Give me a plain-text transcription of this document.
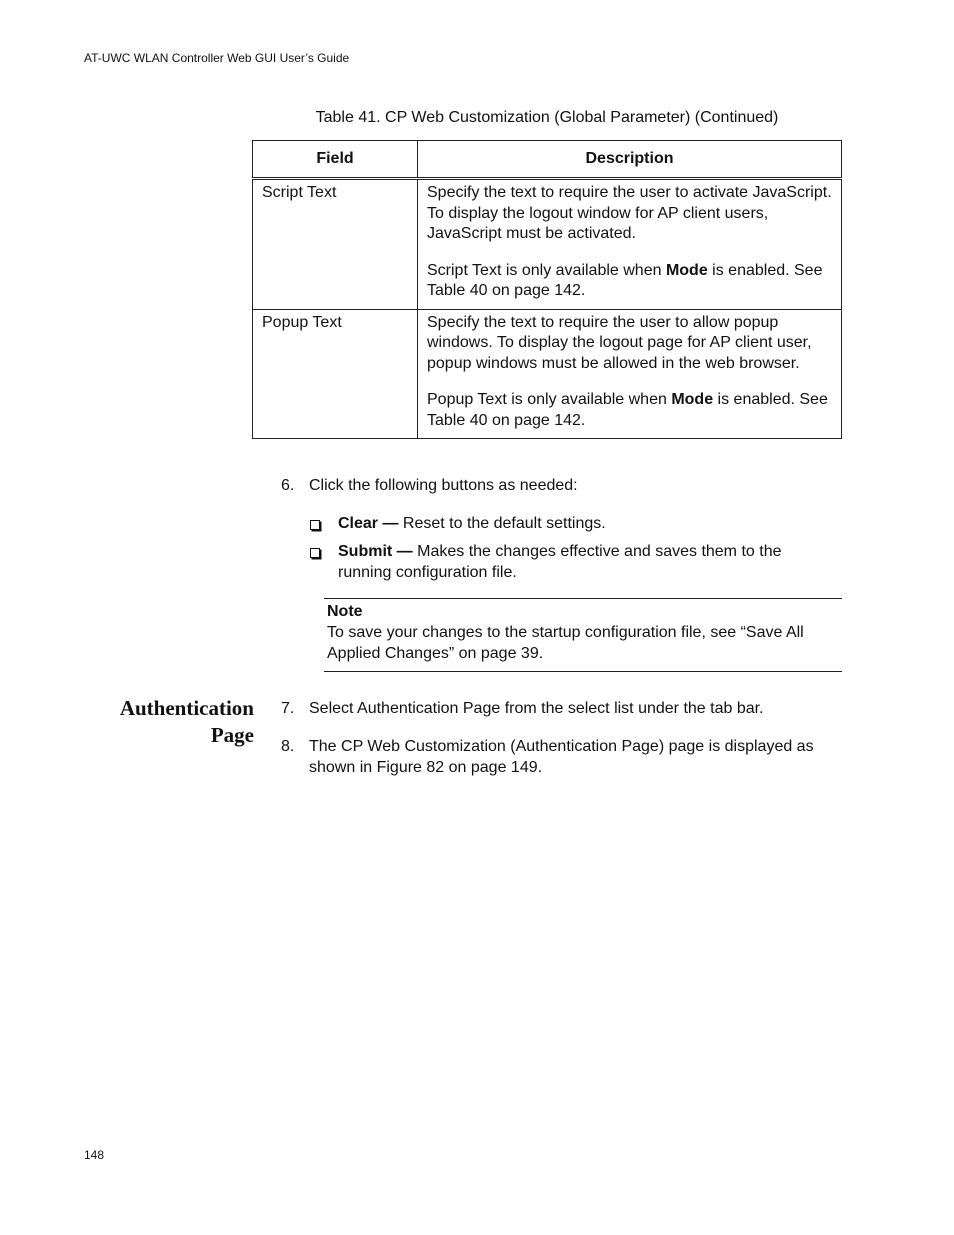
AT-UWC WLAN Controller Web GUI User’s Guide
Table 41. CP Web Customization (Global Parameter) (Continued)
Field	Description
Script Text	Specify the text to require the user to activate JavaScript. To display the logout window for AP client users, JavaScript must be activated.

Script Text is only available when Mode is enabled. See Table 40 on page 142.

Popup Text	Specify the text to require the user to allow popup windows. To display the logout page for AP client user, popup windows must be allowed in the web browser.

Popup Text is only available when Mode is enabled. See Table 40 on page 142.

6. Click the following buttons as needed:
Clear — Reset to the default settings.
Submit — Makes the changes effective and saves them to the running configuration file.
Note
To save your changes to the startup configuration file, see “Save All Applied Changes” on page 39.
Authentication
Page
7. Select Authentication Page from the select list under the tab bar.
8. The CP Web Customization (Authentication Page) page is displayed as shown in Figure 82 on page 149.
148
